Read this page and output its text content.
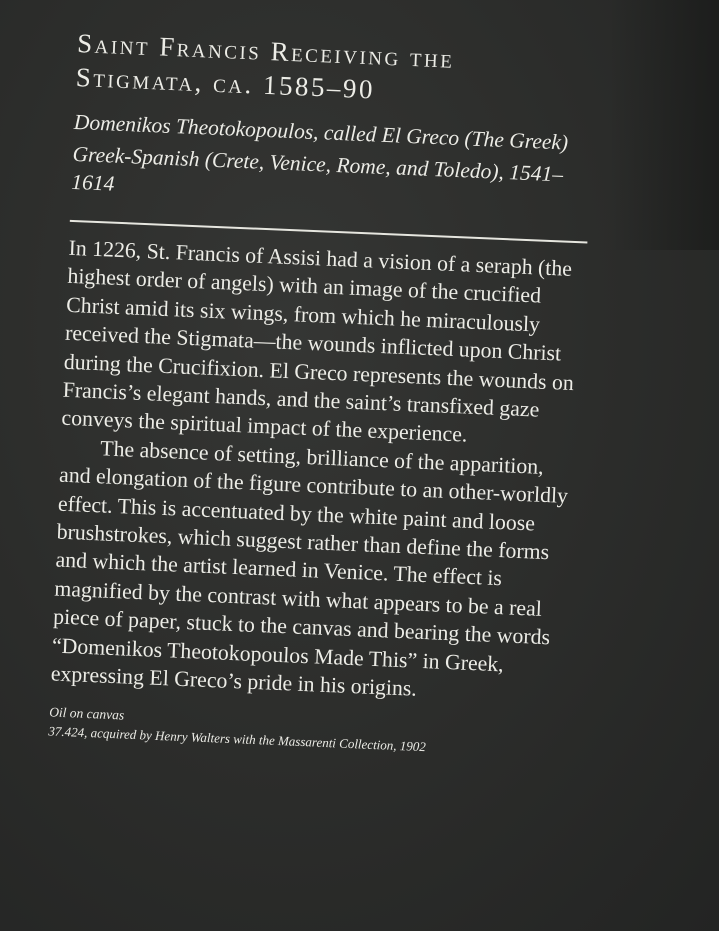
Saint Francis Receiving the
Stigmata, ca. 1585–90
Domenikos Theotokopoulos, called El Greco (The Greek)
Greek-Spanish (Crete, Venice, Rome, and Toledo), 1541–1614

In 1226, St. Francis of Assisi had a vision of a seraph (the highest order of angels) with an image of the crucified Christ amid its six wings, from which he miraculously received the Stigmata—the wounds inflicted upon Christ during the Crucifixion. El Greco represents the wounds on Francis’s elegant hands, and the saint’s transfixed gaze conveys the spiritual impact of the experience.

The absence of setting, brilliance of the apparition, and elongation of the figure contribute to an other-worldly effect. This is accentuated by the white paint and loose brushstrokes, which suggest rather than define the forms and which the artist learned in Venice. The effect is magnified by the contrast with what appears to be a real piece of paper, stuck to the canvas and bearing the words “Domenikos Theotokopoulos Made This” in Greek, expressing El Greco’s pride in his origins.

Oil on canvas
37.424, acquired by Henry Walters with the Massarenti Collection, 1902
